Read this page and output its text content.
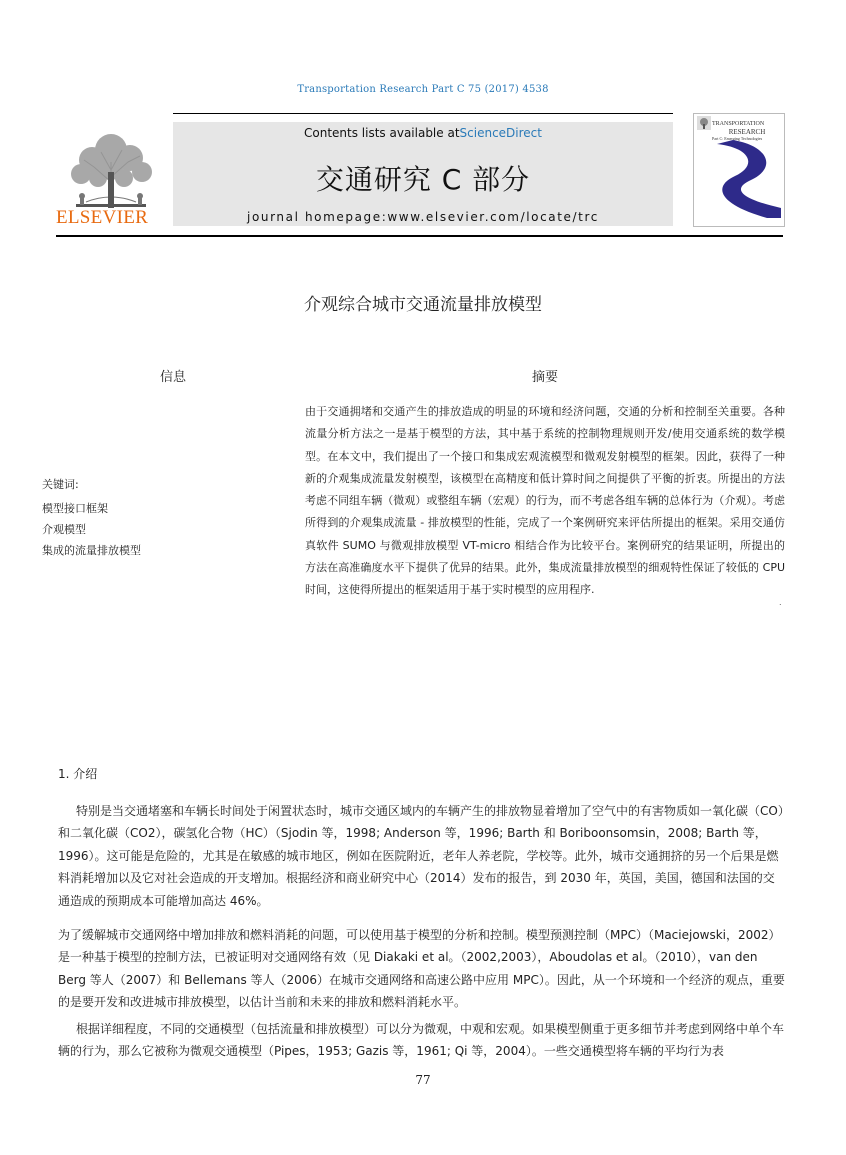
Transportation Research Part C 75 (2017) 4538
ELSEVIER
Contents lists available atScienceDirect
交通研究 C 部分
journal homepage:www.elsevier.com/locate/trc
TRANSPORTATION
RESEARCH
Part C: Emerging Technologies
介观综合城市交通流量排放模型
信息	摘要
关键词:
模型接口框架
介观模型
集成的流量排放模型
由于交通拥堵和交通产生的排放造成的明显的环境和经济问题，交通的分析和控制至关重要。各种流量分析方法之一是基于模型的方法，其中基于系统的控制物理规则开发/使用交通系统的数学模型。在本文中，我们提出了一个接口和集成宏观流模型和微观发射模型的框架。因此，获得了一种新的介观集成流量发射模型，该模型在高精度和低计算时间之间提供了平衡的折衷。所提出的方法考虑不同组车辆（微观）或整组车辆（宏观）的行为，而不考虑各组车辆的总体行为（介观）。考虑所得到的介观集成流量 - 排放模型的性能，完成了一个案例研究来评估所提出的框架。采用交通仿真软件 SUMO 与微观排放模型 VT-micro 相结合作为比较平台。案例研究的结果证明，所提出的方法在高准确度水平下提供了优异的结果。此外，集成流量排放模型的细观特性保证了较低的 CPU 时间，这使得所提出的框架适用于基于实时模型的应用程序.
.
1. 介绍
特别是当交通堵塞和车辆长时间处于闲置状态时，城市交通区域内的车辆产生的排放物显着增加了空气中的有害物质如一氧化碳（CO）和二氧化碳（CO2），碳氢化合物（HC）（Sjodin 等，1998; Anderson 等，1996; Barth 和 Boriboonsomsin，2008; Barth 等，1996）。这可能是危险的，尤其是在敏感的城市地区，例如在医院附近，老年人养老院，学校等。此外，城市交通拥挤的另一个后果是燃料消耗增加以及它对社会造成的开支增加。根据经济和商业研究中心（2014）发布的报告，到 2030 年，英国，美国，德国和法国的交通造成的预期成本可能增加高达 46%。
为了缓解城市交通网络中增加排放和燃料消耗的问题，可以使用基于模型的分析和控制。模型预测控制（MPC）（Maciejowski，2002）是一种基于模型的控制方法，已被证明对交通网络有效（见 Diakaki et al。（2002,2003），Aboudolas et al。（2010），van den Berg 等人（2007）和 Bellemans 等人（2006）在城市交通网络和高速公路中应用 MPC）。因此，从一个环境和一个经济的观点，重要的是要开发和改进城市排放模型，以估计当前和未来的排放和燃料消耗水平。
根据详细程度，不同的交通模型（包括流量和排放模型）可以分为微观，中观和宏观。如果模型侧重于更多细节并考虑到网络中单个车辆的行为，那么它被称为微观交通模型（Pipes，1953; Gazis 等，1961; Qi 等，2004）。一些交通模型将车辆的平均行为表
77
